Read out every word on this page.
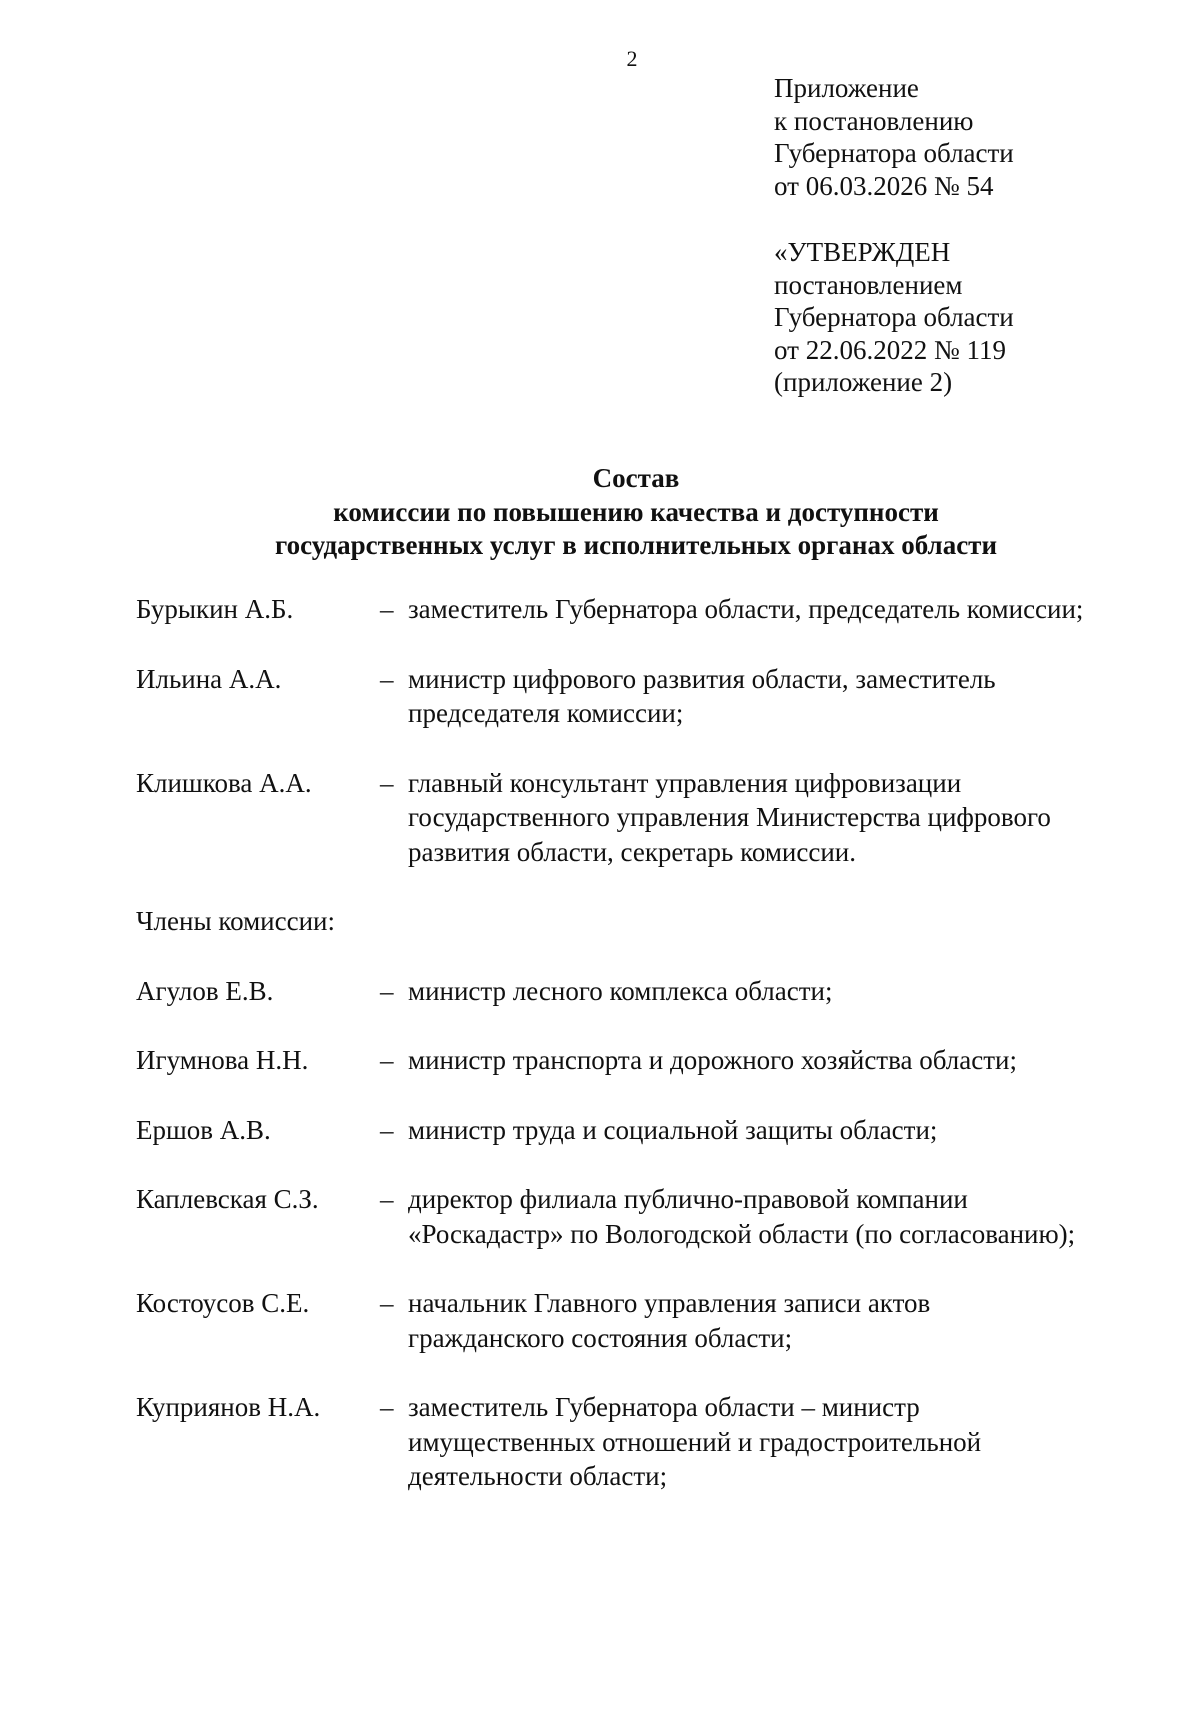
2
Приложение
к постановлению
Губернатора области
от 06.03.2026 № 54
«УТВЕРЖДЕН
постановлением
Губернатора области
от 22.06.2022 № 119
(приложение 2)
Состав
комиссии по повышению качества и доступности
государственных услуг в исполнительных органах области
Бурыкин А.Б.	– заместитель Губернатора области, председатель комиссии;
Ильина А.А.	– министр цифрового развития области, заместитель
председателя комиссии;
Клишкова А.А.	– главный консультант управления цифровизации
государственного управления Министерства цифрового
развития области, секретарь комиссии.
Члены комиссии:
Агулов Е.В.	– министр лесного комплекса области;
Игумнова Н.Н.	– министр транспорта и дорожного хозяйства области;
Ершов А.В.	– министр труда и социальной защиты области;
Каплевская С.З.	– директор филиала публично-правовой компании
«Роскадастр» по Вологодской области (по согласованию);
Костоусов С.Е.	– начальник Главного управления записи актов
гражданского состояния области;
Куприянов Н.А.	– заместитель Губернатора области – министр
имущественных отношений и градостроительной
деятельности области;
